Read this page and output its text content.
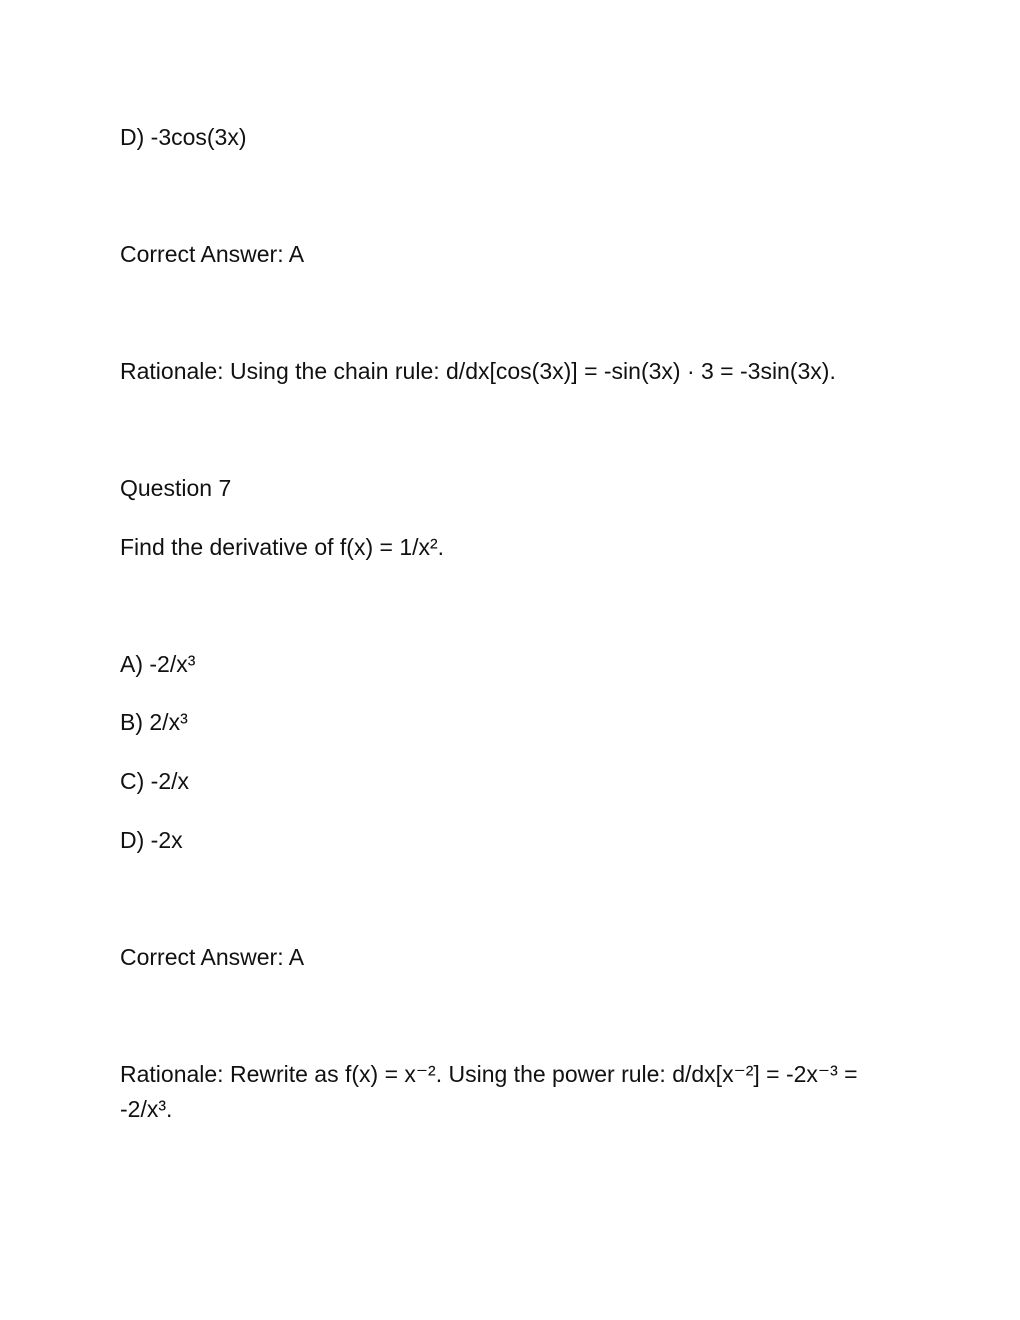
D) -3cos(3x)
Correct Answer: A
Rationale: Using the chain rule: d/dx[cos(3x)] = -sin(3x) · 3 = -3sin(3x).
Question 7
Find the derivative of f(x) = 1/x².
A) -2/x³
B) 2/x³
C) -2/x
D) -2x
Correct Answer: A
Rationale: Rewrite as f(x) = x⁻². Using the power rule: d/dx[x⁻²] = -2x⁻³ =
-2/x³.
